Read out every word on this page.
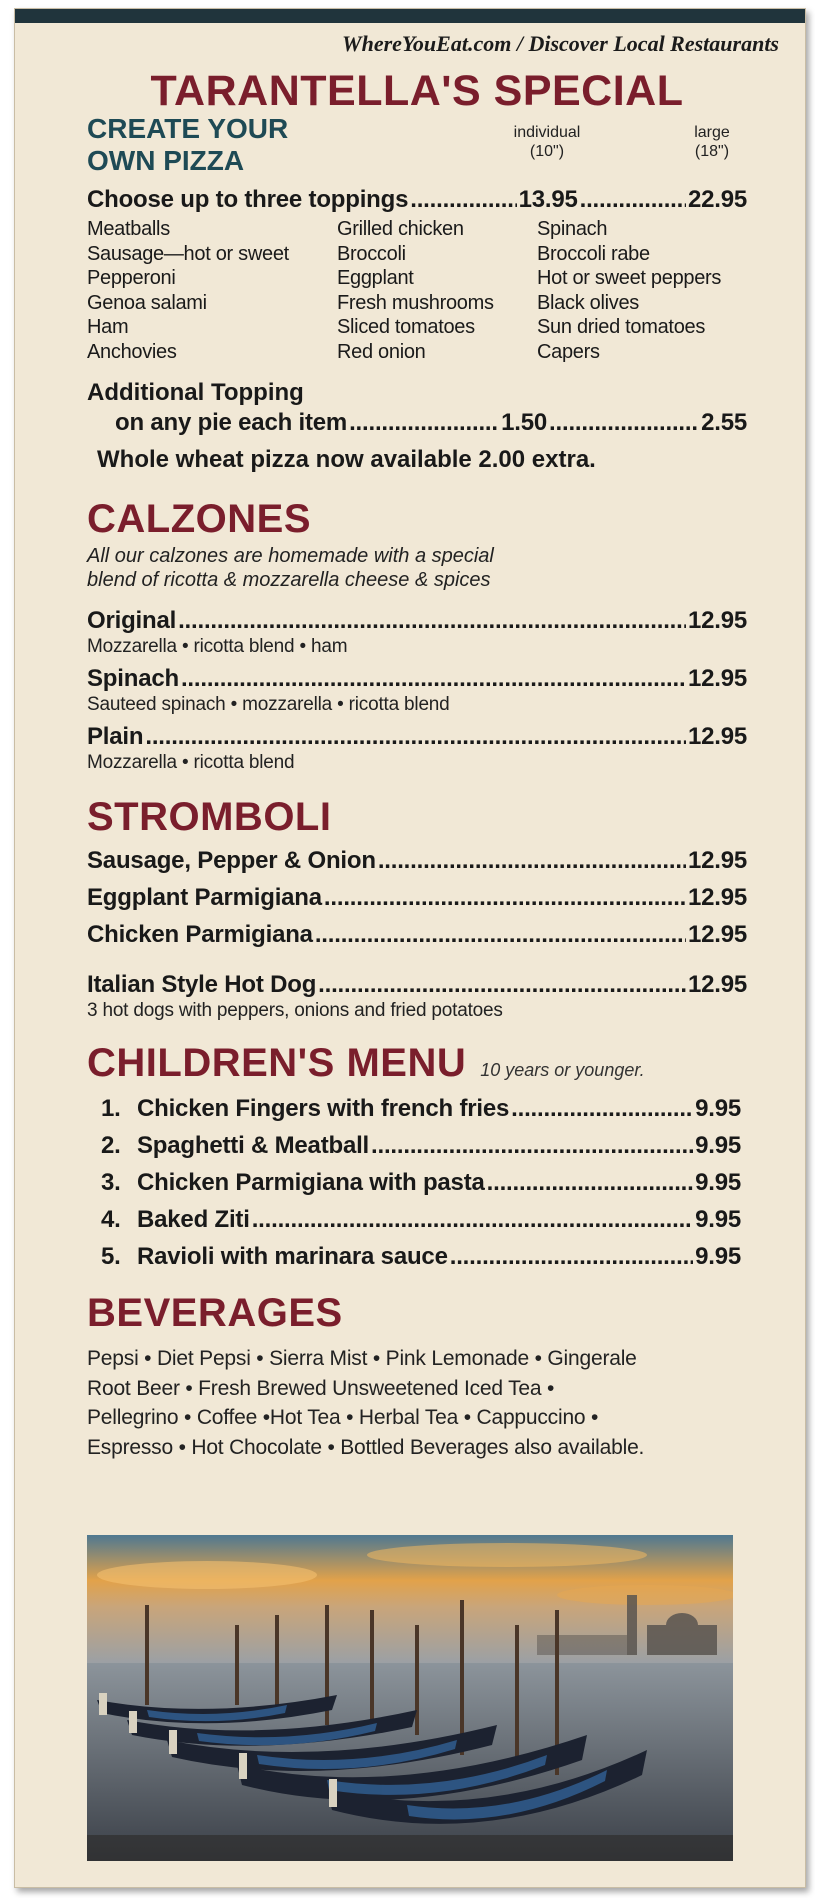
WhereYouEat.com / Discover Local Restaurants
TARANTELLA'S SPECIAL
CREATE YOUR
OWN PIZZA
individual
(10")
large
(18")
Choose up to three toppings .....	13.95 .....	22.95
Meatballs	Grilled chicken	Spinach
Sausage—hot or sweet	Broccoli	Broccoli rabe
Pepperoni	Eggplant	Hot or sweet peppers
Genoa salami	Fresh mushrooms	Black olives
Ham	Sliced tomatoes	Sun dried tomatoes
Anchovies	Red onion	Capers
Additional Topping
on any pie each item .....	1.50 .....	2.55
Whole wheat pizza now available 2.00 extra.
CALZONES
All our calzones are homemade with a special
blend of ricotta & mozzarella cheese & spices
Original .....	12.95
Mozzarella • ricotta blend • ham
Spinach .....	12.95
Sauteed spinach • mozzarella • ricotta blend
Plain .....	12.95
Mozzarella • ricotta blend
STROMBOLI
Sausage, Pepper & Onion .....	12.95
Eggplant Parmigiana .....	12.95
Chicken Parmigiana .....	12.95
Italian Style Hot Dog .....	12.95
3 hot dogs with peppers, onions and fried potatoes
CHILDREN'S MENU 10 years or younger.
1. Chicken Fingers with french fries .....	9.95
2. Spaghetti & Meatball .....	9.95
3. Chicken Parmigiana with pasta .....	9.95
4. Baked Ziti .....	9.95
5. Ravioli with marinara sauce .....	9.95
BEVERAGES
Pepsi • Diet Pepsi • Sierra Mist • Pink Lemonade • Gingerale
Root Beer • Fresh Brewed Unsweetened Iced Tea •
Pellegrino • Coffee •Hot Tea • Herbal Tea • Cappuccino •
Espresso • Hot Chocolate • Bottled Beverages also available.
